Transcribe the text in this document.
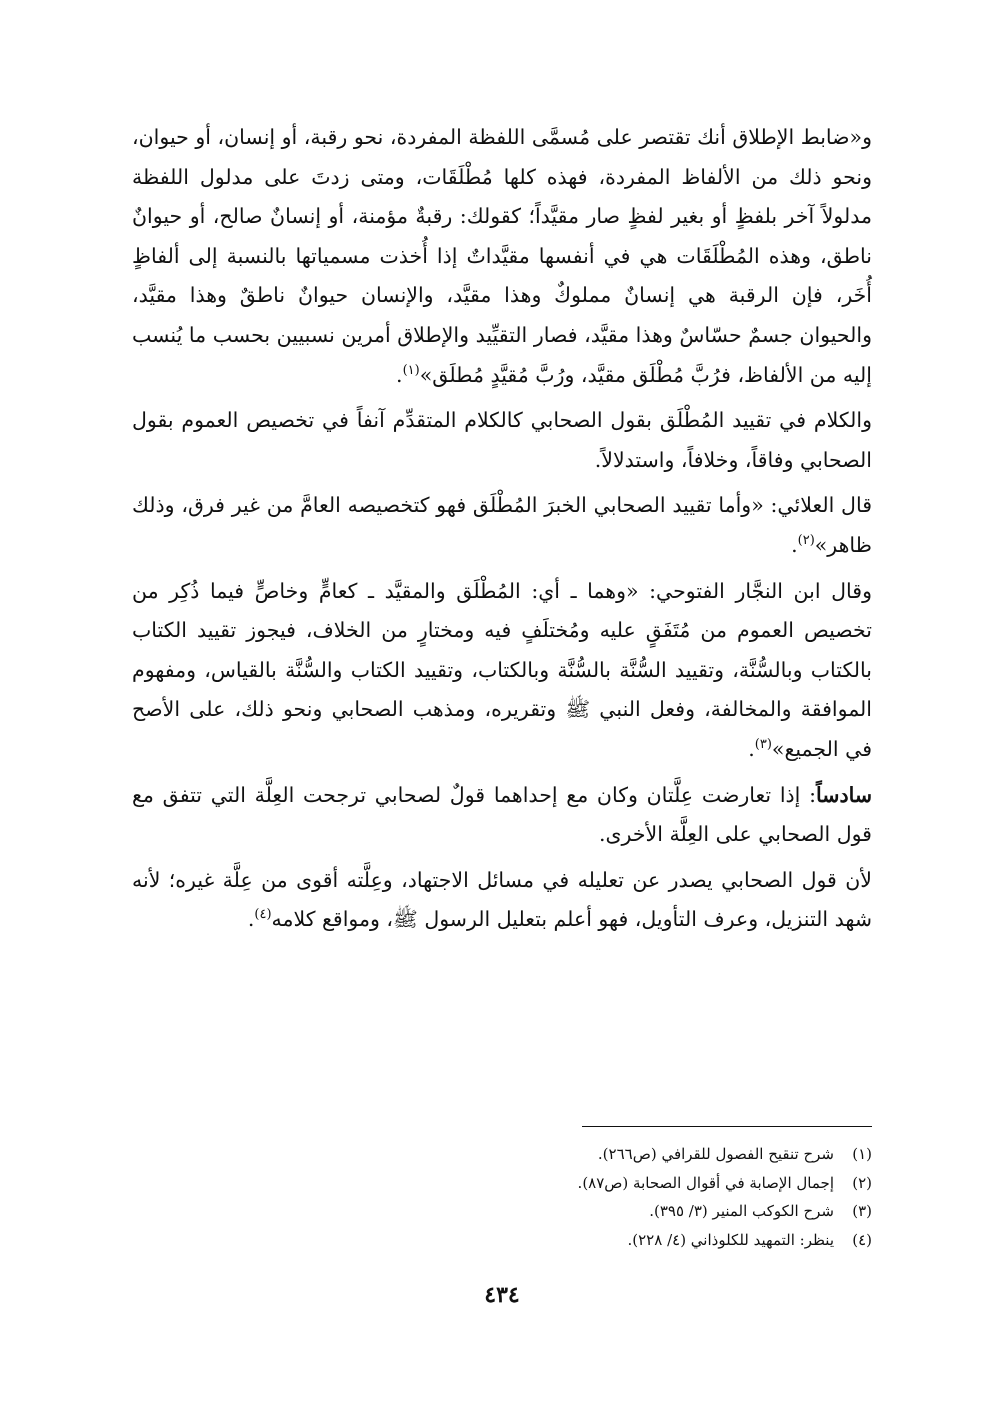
و«ضابط الإطلاق أنك تقتصر على مُسمَّى اللفظة المفردة، نحو رقبة، أو إنسان، أو حيوان، ونحو ذلك من الألفاظ المفردة، فهذه كلها مُطْلَقَات، ومتى زدتَ على مدلول اللفظة مدلولاً آخر بلفظٍ أو بغير لفظٍ صار مقيَّداً؛ كقولك: رقبةٌ مؤمنة، أو إنسانٌ صالح، أو حيوانٌ ناطق، وهذه المُطْلَقَات هي في أنفسها مقيَّداتٌ إذا أُخذت مسمياتها بالنسبة إلى ألفاظٍ أُخَر، فإن الرقبة هي إنسانٌ مملوكٌ وهذا مقيَّد، والإنسان حيوانٌ ناطقٌ وهذا مقيَّد، والحيوان جسمٌ حسّاسٌ وهذا مقيَّد، فصار التقيِّيد والإطلاق أمرين نسبيين بحسب ما يُنسب إليه من الألفاظ، فرُبَّ مُطْلَق مقيَّد، ورُبَّ مُقيَّدٍ مُطلَق»$^{(١)}$.

والكلام في تقييد المُطْلَق بقول الصحابي كالكلام المتقدِّم آنفاً في تخصيص العموم بقول الصحابي وفاقاً، وخلافاً، واستدلالاً.

قال العلائي: «وأما تقييد الصحابي الخبرَ المُطْلَق فهو كتخصيصه العامَّ من غير فرق، وذلك ظاهر»$^{(٢)}$.

وقال ابن النجَّار الفتوحي: «وهما ـ أي: المُطْلَق والمقيَّد ـ كعامٍّ وخاصٍّ فيما ذُكِر من تخصيص العموم من مُتَفَقٍ عليه ومُختلَفٍ فيه ومختارٍ من الخلاف، فيجوز تقييد الكتاب بالكتاب وبالسُّنَّة، وتقييد السُّنَّة بالسُّنَّة وبالكتاب، وتقييد الكتاب والسُّنَّة بالقياس، ومفهوم الموافقة والمخالفة، وفعل النبي ﷺ وتقريره، ومذهب الصحابي ونحو ذلك، على الأصح في الجميع»$^{(٣)}$.

سادساً: إذا تعارضت عِلَّتان وكان مع إحداهما قولٌ لصحابي ترجحت العِلَّة التي تتفق مع قول الصحابي على العِلَّة الأخرى.

لأن قول الصحابي يصدر عن تعليله في مسائل الاجتهاد، وعِلَّته أقوى من عِلَّة غيره؛ لأنه شهد التنزيل، وعرف التأويل، فهو أعلم بتعليل الرسول ﷺ، ومواقع كلامه$^{(٤)}$.

(١)
شرح تنقيح الفصول للقرافي (ص٢٦٦).
(٢)
إجمال الإصابة في أقوال الصحابة (ص٨٧).
(٣)
شرح الكوكب المنير (٣/ ٣٩٥).
(٤)
ينظر: التمهيد للكلوذاني (٤/ ٢٢٨).
٤٣٤
